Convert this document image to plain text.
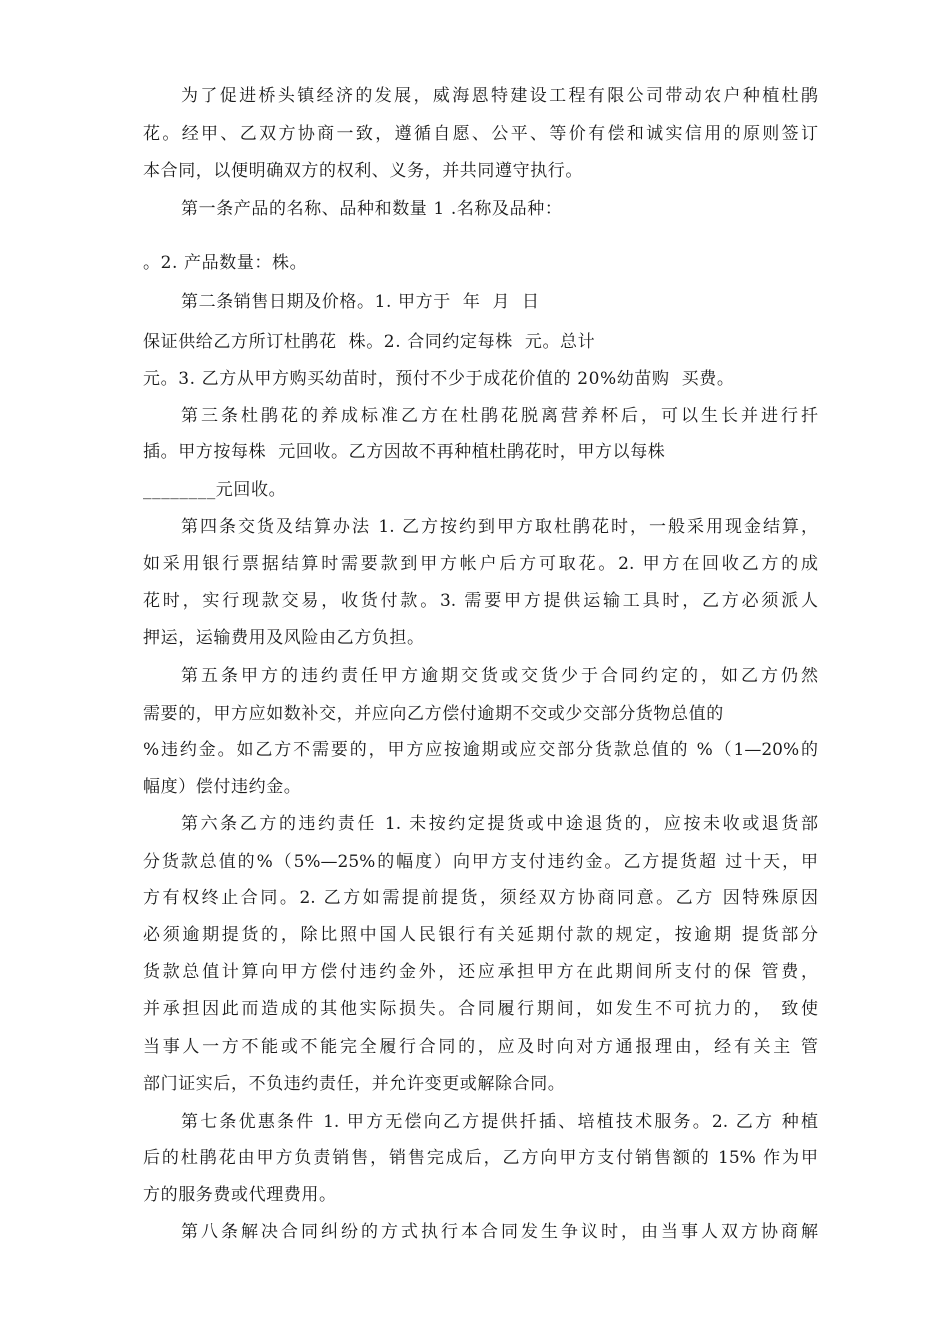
为了促进桥头镇经济的发展，威海恩特建设工程有限公司带动农户种植杜鹃
花。经甲、乙双方协商一致，遵循自愿、公平、等价有偿和诚实信用的原则签订
本合同，以便明确双方的权利、义务，并共同遵守执行。
第一条产品的名称、品种和数量 1 .名称及品种：
。2. 产品数量：株。
第二条销售日期及价格。1. 甲方于  年  月  日
保证供给乙方所订杜鹃花  株。2. 合同约定每株  元。总计
元。3. 乙方从甲方购买幼苗时，预付不少于成花价值的 20%幼苗购  买费。
第三条杜鹃花的养成标准乙方在杜鹃花脱离营养杯后，可以生长并进行扦
插。甲方按每株  元回收。乙方因故不再种植杜鹃花时，甲方以每株
________元回收。
第四条交货及结算办法 1. 乙方按约到甲方取杜鹃花时，一般采用现金结算，
如采用银行票据结算时需要款到甲方帐户后方可取花。2. 甲方在回收乙方的成
花时，实行现款交易，收货付款。3. 需要甲方提供运输工具时，乙方必须派人
押运，运输费用及风险由乙方负担。
第五条甲方的违约责任甲方逾期交货或交货少于合同约定的，如乙方仍然
需要的，甲方应如数补交，并应向乙方偿付逾期不交或少交部分货物总值的
%违约金。如乙方不需要的，甲方应按逾期或应交部分货款总值的 %（1—20%的
幅度）偿付违约金。
第六条乙方的违约责任 1. 未按约定提货或中途退货的，应按未收或退货部
分货款总值的%（5%—25%的幅度）向甲方支付违约金。乙方提货超 过十天，甲
方有权终止合同。2. 乙方如需提前提货，须经双方协商同意。乙方 因特殊原因
必须逾期提货的，除比照中国人民银行有关延期付款的规定，按逾期 提货部分
货款总值计算向甲方偿付违约金外，还应承担甲方在此期间所支付的保 管费，
并承担因此而造成的其他实际损失。合同履行期间，如发生不可抗力的， 致使
当事人一方不能或不能完全履行合同的，应及时向对方通报理由，经有关主 管
部门证实后，不负违约责任，并允许变更或解除合同。
第七条优惠条件 1. 甲方无偿向乙方提供扦插、培植技术服务。2. 乙方 种植
后的杜鹃花由甲方负责销售，销售完成后，乙方向甲方支付销售额的 15% 作为甲
方的服务费或代理费用。
第八条解决合同纠纷的方式执行本合同发生争议时，由当事人双方协商解
